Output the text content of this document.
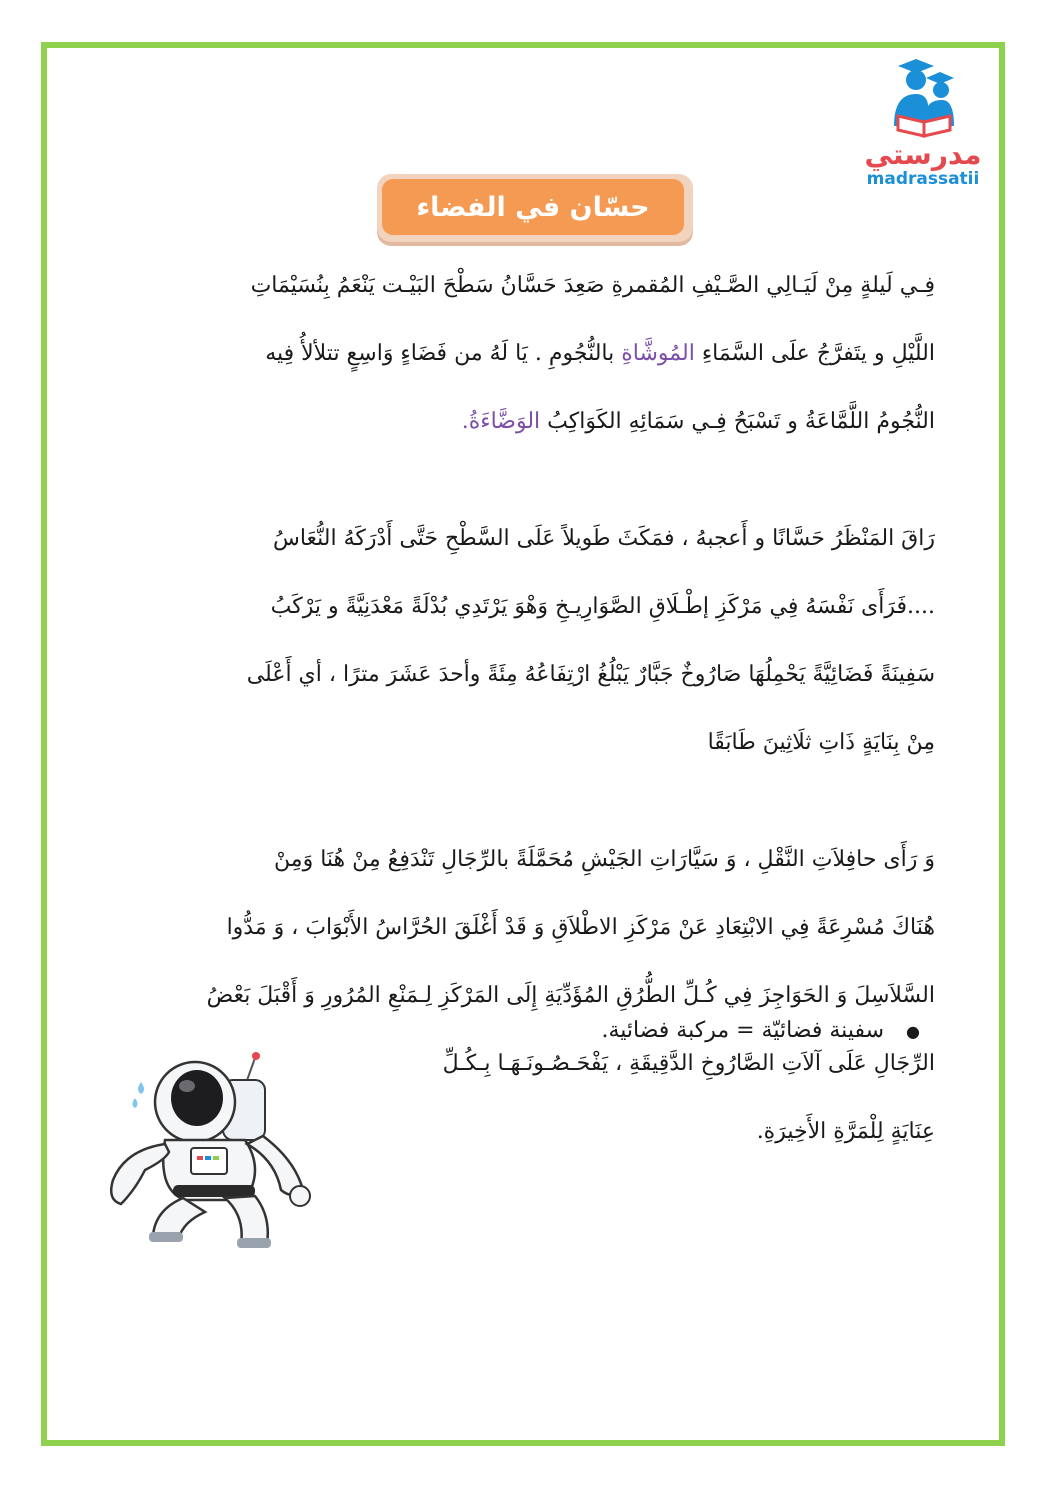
مدرستي
madrassatii
حسّان في الفضاء
فِـي لَيلةٍ مِنْ لَيَـالِي الصَّـيْفِ المُقمرةِ صَعِدَ حَسَّانُ سَطْحَ البَيْـت يَنْعَمُ بِنُسَيْمَاتِ
اللَّيْلِ و يتَفرَّجُ علَى السَّمَاءِ المُوشَّاةِ بالنُّجُومِ . يَا لَهُ من فَضَاءٍ وَاسِعٍ تتلألأُ فِيه
النُّجُومُ اللَّمَّاعَةُ و تَسْبَحُ فِـي سَمَائِهِ الكَوَاكِبُ الوَضَّاءَةُ.
رَاقَ المَنْظَرُ حَسَّانًا و أَعجبهُ ، فمَكَثَ طَويلاً عَلَى السَّطْحِ حَتَّى أَدْرَكَهُ النُّعَاسُ
....فَرَأَى نَفْسَهُ فِي مَرْكَزِ إطْـلَاقِ الصَّوَارِيـخِ وَهْوَ يَرْتَدِي بُدْلَةً مَعْدَنِيَّةً و يَرْكَبُ
سَفِينَةً فَضَائِيَّةً يَحْمِلُهَا صَارُوخٌ جَبَّارٌ يَبْلُغُ ارْتِفَاعُهُ مِئَةً وأحدَ عَشَرَ مترًا ، أي أَعْلَى
مِنْ بِنَايَةٍ ذَاتِ ثلَاثِينَ طَابَقًا
وَ رَأَى حافِلاَتِ النَّقْلِ ، وَ سَيَّارَاتِ الجَيْشِ مُحَمَّلَةً بالرِّجَالِ تَنْدَفِعُ مِنْ هُنَا وَمِنْ
هُنَاكَ مُسْرِعَةً فِي الابْتِعَادِ عَنْ مَرْكَزِ الاطْلاَقِ وَ قَدْ أَغْلَقَ الحُرَّاسُ الأَبْوَابَ ، وَ مَدُّوا
السَّلاَسِلَ وَ الحَوَاجِزَ فِي كُـلِّ الطُّرُقِ المُؤَدِّيَةِ إِلَى المَرْكَزِ لِـمَنْعِ المُرُورِ وَ أَقْبَلَ بَعْضُ
الرِّجَالِ عَلَى آلاَتِ الصَّارُوخِ الدَّقِيقَةِ ، يَفْحَـصُـونَـهَـا بِـكُـلِّ
عِنَايَةٍ لِلْمَرَّةِ الأَخِيرَةِ.
●سفينة فضائيّة = مركبة فضائية.
